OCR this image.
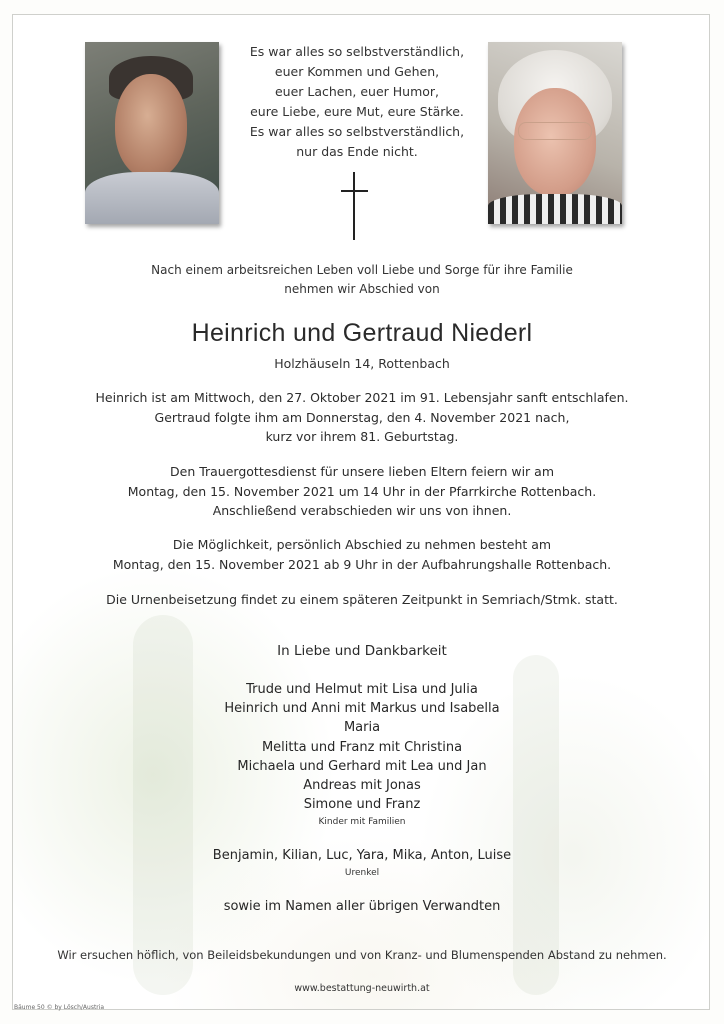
Es war alles so selbstverständlich,
euer Kommen und Gehen,
euer Lachen, euer Humor,
eure Liebe, eure Mut, eure Stärke.
Es war alles so selbstverständlich,
nur das Ende nicht.
Nach einem arbeitsreichen Leben voll Liebe und Sorge für ihre Familie
nehmen wir Abschied von
Heinrich und Gertraud Niederl
Holzhäuseln 14, Rottenbach
Heinrich ist am Mittwoch, den 27. Oktober 2021 im 91. Lebensjahr sanft entschlafen.
Gertraud folgte ihm am Donnerstag, den 4. November 2021 nach,
kurz vor ihrem 81. Geburtstag.
Den Trauergottesdienst für unsere lieben Eltern feiern wir am
Montag, den 15. November 2021 um 14 Uhr in der Pfarrkirche Rottenbach.
Anschließend verabschieden wir uns von ihnen.
Die Möglichkeit, persönlich Abschied zu nehmen besteht am
Montag, den 15. November 2021 ab 9 Uhr in der Aufbahrungshalle Rottenbach.
Die Urnenbeisetzung findet zu einem späteren Zeitpunkt in Semriach/Stmk. statt.
In Liebe und Dankbarkeit
Trude und Helmut mit Lisa und Julia
Heinrich und Anni mit Markus und Isabella
Maria
Melitta und Franz mit Christina
Michaela und Gerhard mit Lea und Jan
Andreas mit Jonas
Simone und Franz
Kinder mit Familien
Benjamin, Kilian, Luc, Yara, Mika, Anton, Luise
Urenkel
sowie im Namen aller übrigen Verwandten
Wir ersuchen höflich, von Beileidsbekundungen und von Kranz- und Blumenspenden Abstand zu nehmen.
www.bestattung-neuwirth.at
Bäume 50 © by Lösch/Austria
